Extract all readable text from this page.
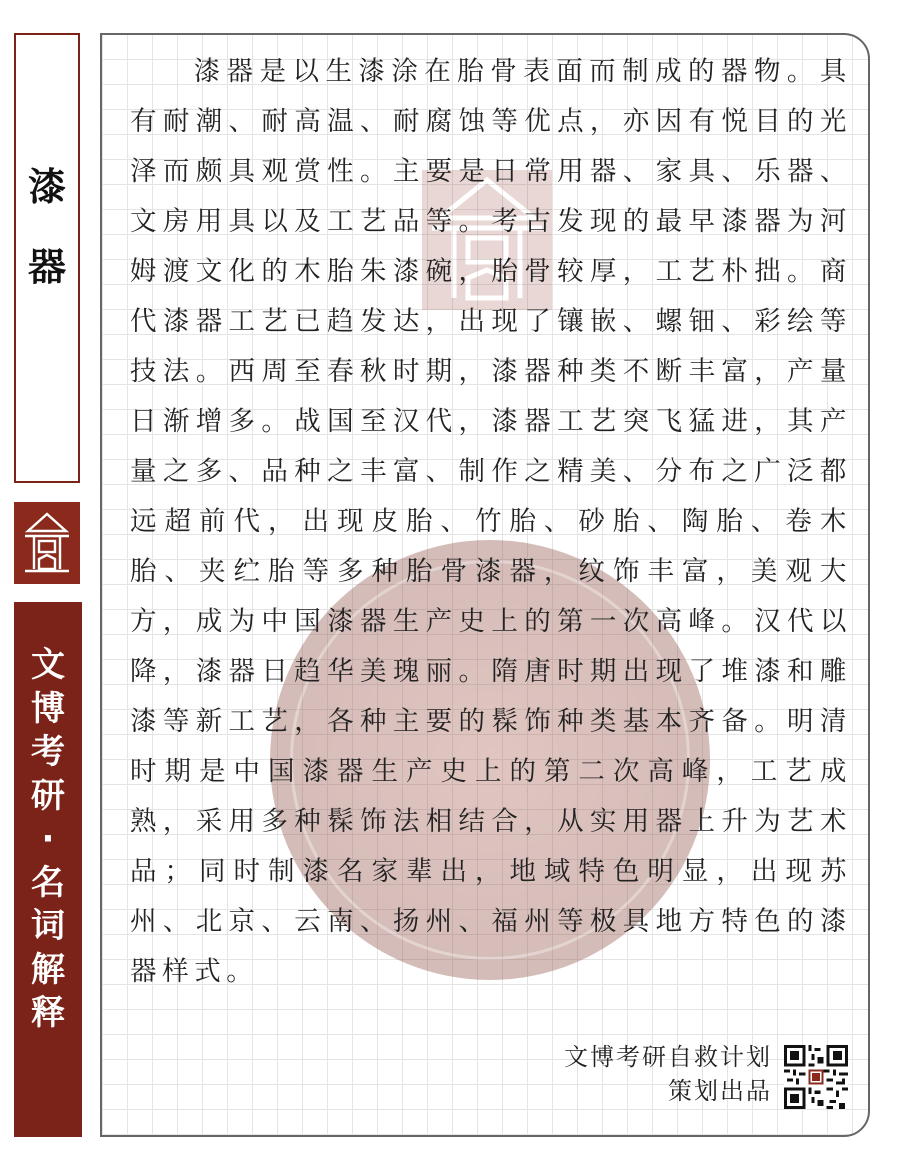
漆
器
文
博
考
研
·
名
词
解
释

漆器是以生漆涂在胎骨表面而制成的器物。具有耐潮、耐高温、耐腐蚀等优点，亦因有悦目的光泽而颇具观赏性。主要是日常用器、家具、乐器、文房用具以及工艺品等。考古发现的最早漆器为河姆渡文化的木胎朱漆碗，胎骨较厚，工艺朴拙。商代漆器工艺已趋发达，出现了镶嵌、螺钿、彩绘等技法。西周至春秋时期，漆器种类不断丰富，产量日渐增多。战国至汉代，漆器工艺突飞猛进，其产量之多、品种之丰富、制作之精美、分布之广泛都远超前代，出现皮胎、竹胎、砂胎、陶胎、卷木胎、夹纻胎等多种胎骨漆器，纹饰丰富，美观大方，成为中国漆器生产史上的第一次高峰。汉代以降，漆器日趋华美瑰丽。隋唐时期出现了堆漆和雕漆等新工艺，各种主要的髹饰种类基本齐备。明清时期是中国漆器生产史上的第二次高峰，工艺成熟，采用多种髹饰法相结合，从实用器上升为艺术品；同时制漆名家辈出，地域特色明显，出现苏州、北京、云南、扬州、福州等极具地方特色的漆器样式。

文博考研自救计划
策划出品
